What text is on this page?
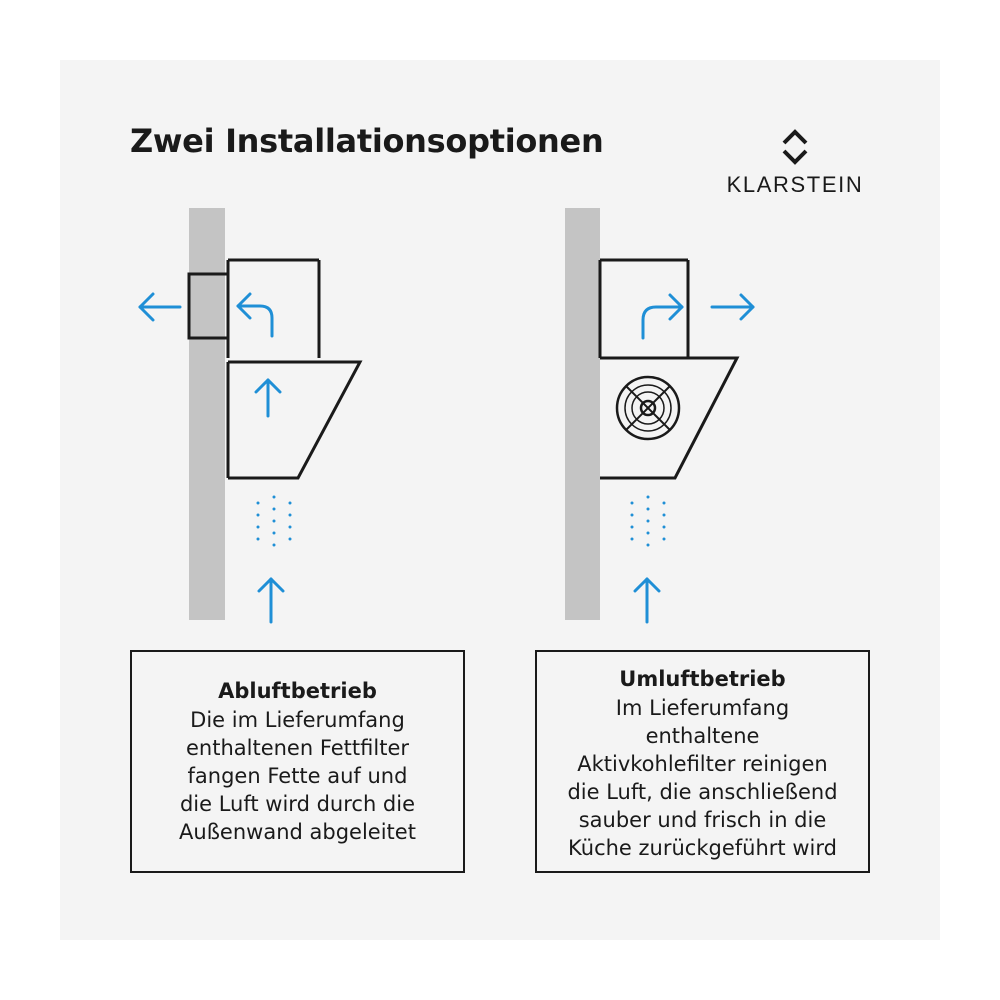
Zwei Installationsoptionen
KLARSTEIN
Abluftbetrieb
Die im Lieferumfang
enthaltenen Fettfilter
fangen Fette auf und
die Luft wird durch die
Außenwand abgeleitet
Umluftbetrieb
Im Lieferumfang
enthaltene
Aktivkohlefilter reinigen
die Luft, die anschließend
sauber und frisch in die
Küche zurückgeführt wird
